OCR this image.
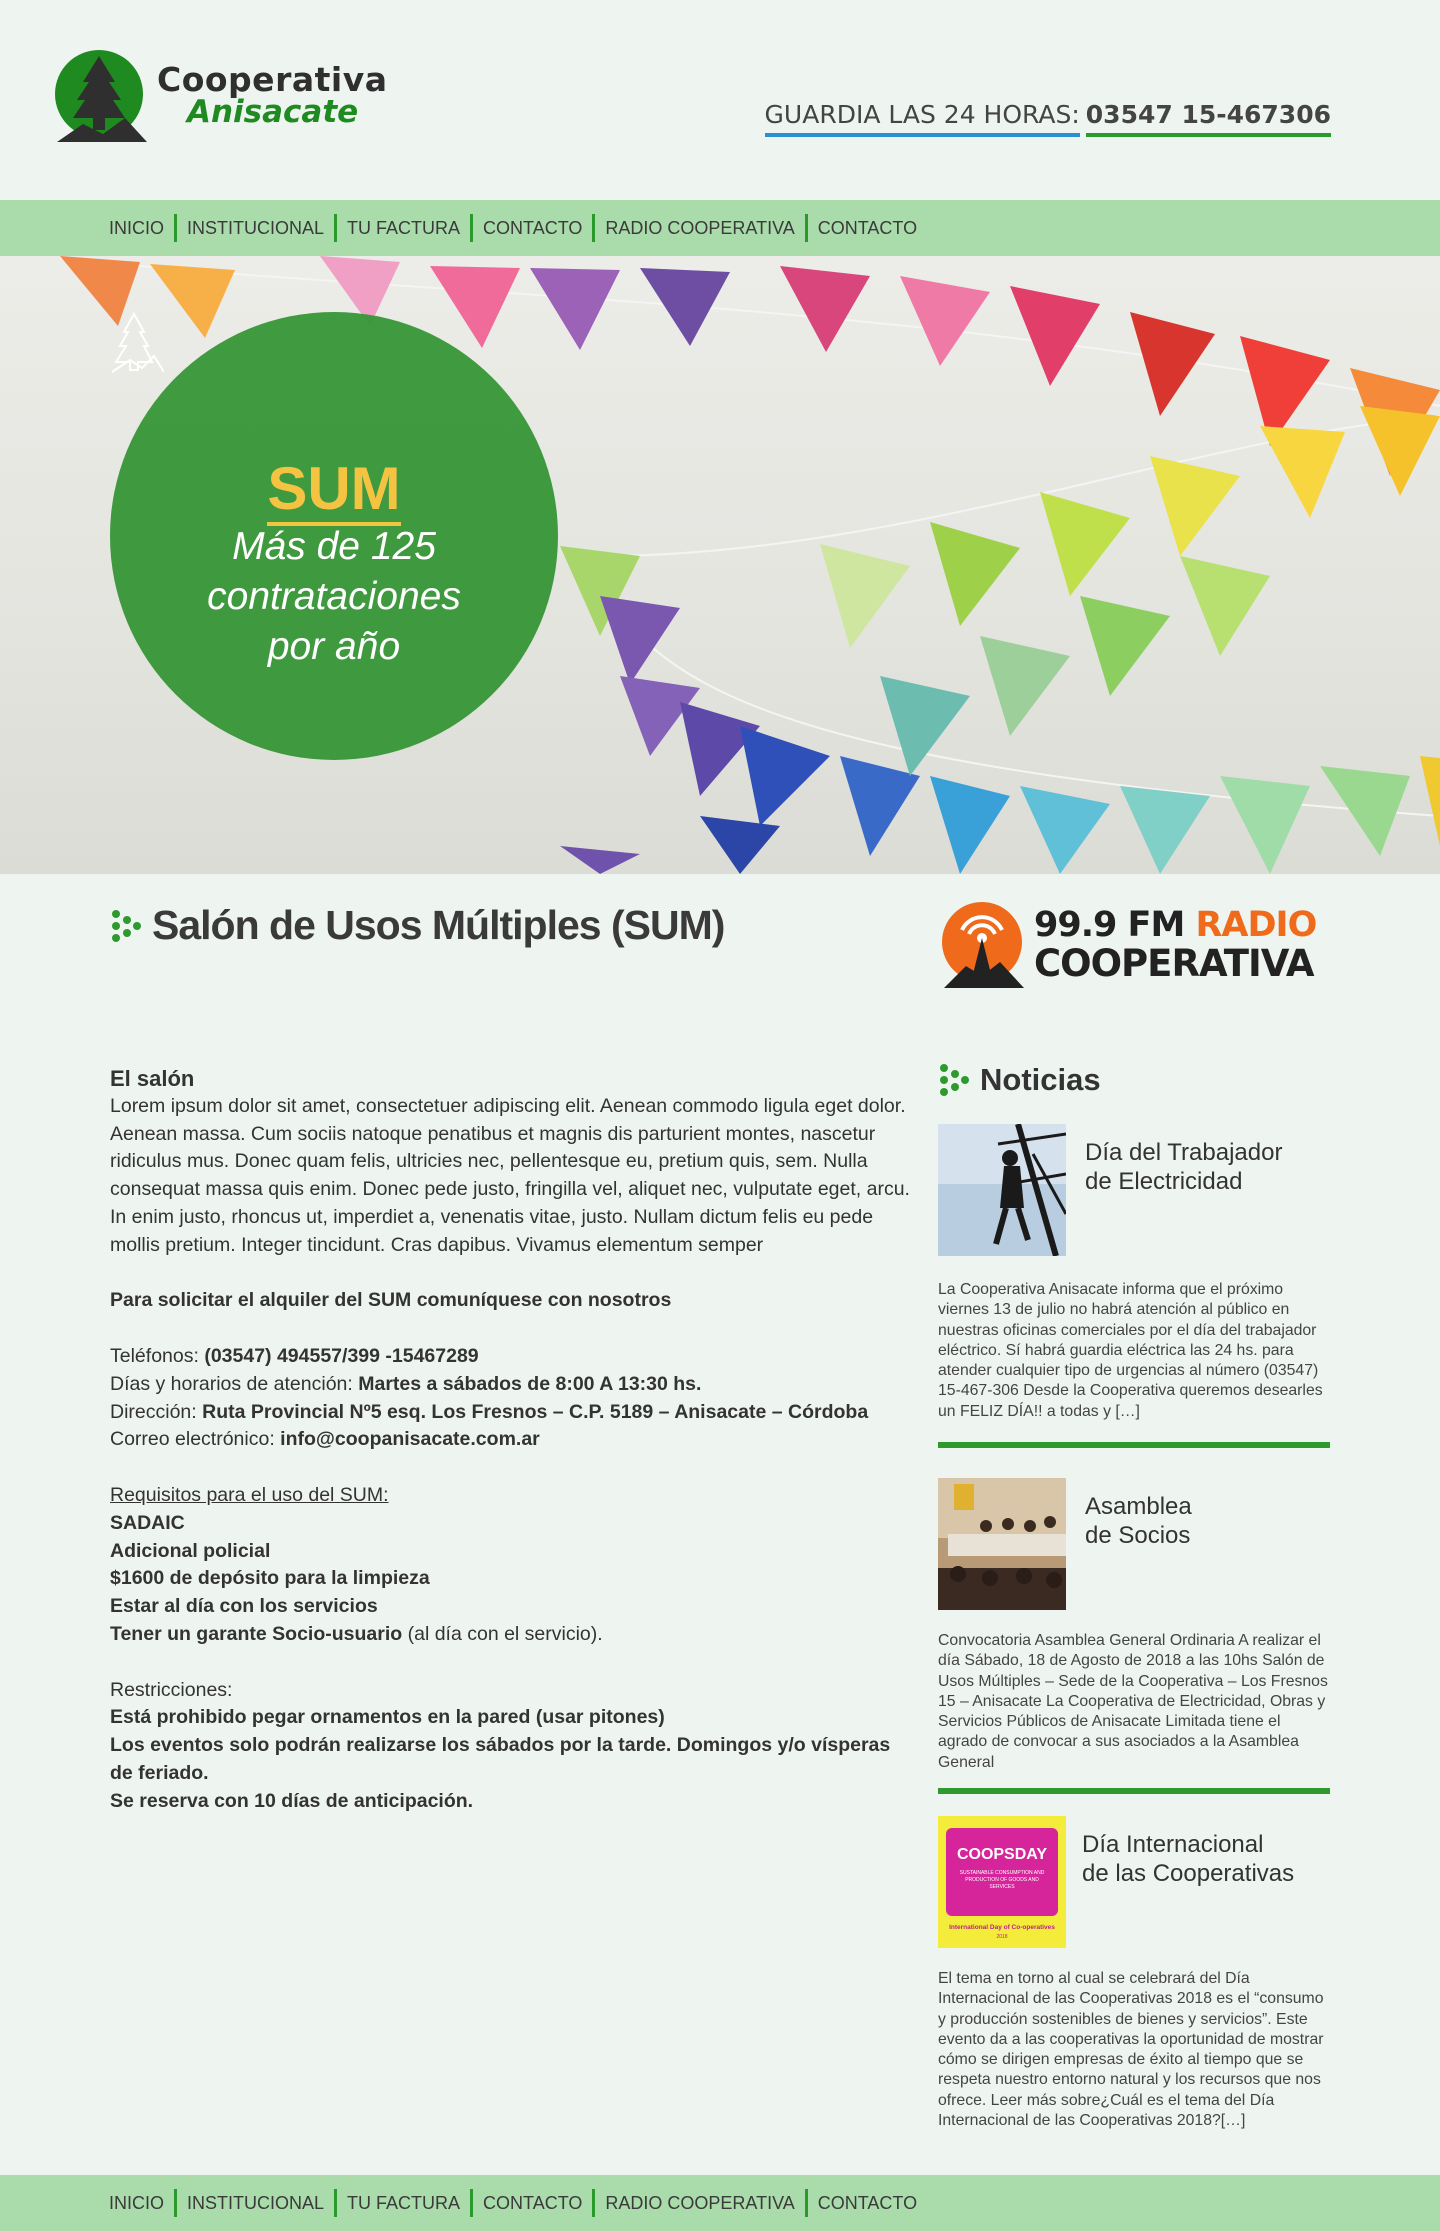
Cooperativa
Anisacate	GUARDIA LAS 24 HORAS: 03547 15-467306
INICIO	INSTITUCIONAL	TU FACTURA	CONTACTO	RADIO COOPERATIVA	CONTACTO
SUM
Más de 125
contrataciones
por año
Salón de Usos Múltiples (SUM)	99.9 FM RADIO
COOPERATIVA
El salón

Lorem ipsum dolor sit amet, consectetuer adipiscing elit. Aenean commodo ligula eget dolor. Aenean massa. Cum sociis natoque penatibus et magnis dis parturient montes, nascetur ridiculus mus. Donec quam felis, ultricies nec, pellentesque eu, pretium quis, sem. Nulla consequat massa quis enim. Donec pede justo, fringilla vel, aliquet nec, vulputate eget, arcu. In enim justo, rhoncus ut, imperdiet a, venenatis vitae, justo. Nullam dictum felis eu pede mollis pretium. Integer tincidunt. Cras dapibus. Vivamus elementum semper

Para solicitar el alquiler del SUM comuníquese con nosotros

Teléfonos: (03547) 494557/399 -15467289

Días y horarios de atención: Martes a sábados de 8:00 A 13:30 hs.

Dirección: Ruta Provincial Nº5 esq. Los Fresnos – C.P. 5189 – Anisacate – Córdoba

Correo electrónico: info@coopanisacate.com.ar

Requisitos para el uso del SUM:

SADAIC

Adicional policial

$1600 de depósito para la limpieza

Estar al día con los servicios

Tener un garante Socio-usuario (al día con el servicio).

Restricciones:

Está prohibido pegar ornamentos en la pared (usar pitones)

Los eventos solo podrán realizarse los sábados por la tarde. Domingos y/o vísperas de feriado.

Se reserva con 10 días de anticipación.

Noticias
Día del Trabajador
de Electricidad

La Cooperativa Anisacate informa que el próximo viernes 13 de julio no habrá atención al público en nuestras oficinas comerciales por el día del trabajador eléctrico. Sí habrá guardia eléctrica las 24 hs. para atender cualquier tipo de urgencias al número (03547) 15-467-306 Desde la Cooperativa queremos desearles un FELIZ DÍA!! a todas y […]

Asamblea
de Socios

Convocatoria Asamblea General Ordinaria A realizar el día Sábado, 18 de Agosto de 2018 a las 10hs Salón de Usos Múltiples – Sede de la Cooperativa – Los Fresnos 15 – Anisacate La Cooperativa de Electricidad, Obras y Servicios Públicos de Anisacate Limitada tiene el agrado de convocar a sus asociados a la Asamblea General

COOPSDAY
SUSTAINABLE CONSUMPTION AND PRODUCTION OF GOODS AND SERVICES
International Day of Co-operatives
2018
Día Internacional
de las Cooperativas

El tema en torno al cual se celebrará del Día Internacional de las Cooperativas 2018 es el “consumo y producción sostenibles de bienes y servicios”. Este evento da a las cooperativas la oportunidad de mostrar cómo se dirigen empresas de éxito al tiempo que se respeta nuestro entorno natural y los recursos que nos ofrece. Leer más sobre¿Cuál es el tema del Día Internacional de las Cooperativas 2018?[…]

INICIO	INSTITUCIONAL	TU FACTURA	CONTACTO	RADIO COOPERATIVA	CONTACTO
